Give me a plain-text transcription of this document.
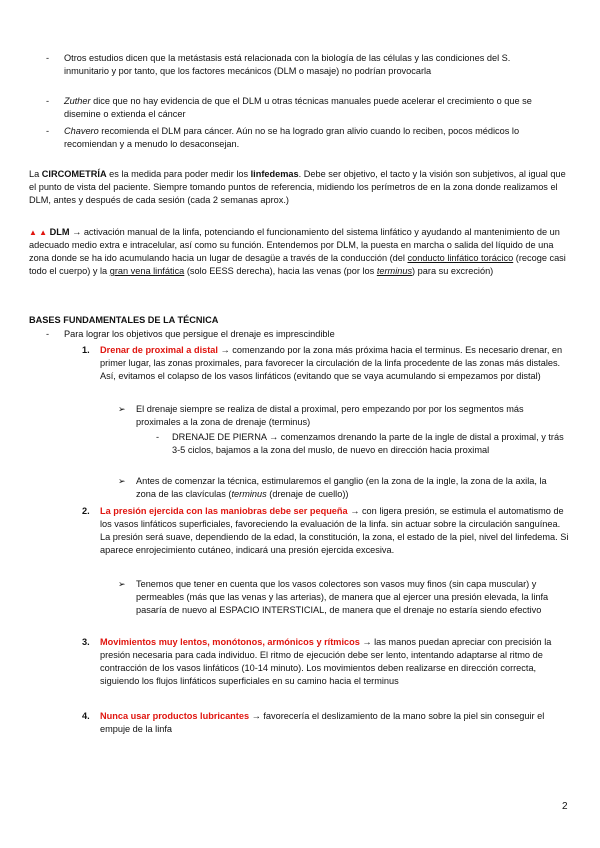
- Otros estudios dicen que la metástasis está relacionada con la biología de las células y las condiciones del S. inmunitario y por tanto, que los factores mecánicos (DLM o masaje) no podrían provocarla
- Zuther dice que no hay evidencia de que el DLM u otras técnicas manuales puede acelerar el crecimiento o que se disemine o extienda el cáncer
- Chavero recomienda el DLM para cáncer. Aún no se ha logrado gran alivio cuando lo reciben, pocos médicos lo recomiendan y a menudo lo desaconsejan.
La CIRCOMETRÍA es la medida para poder medir los linfedemas. Debe ser objetivo, el tacto y la visión son subjetivos, al igual que el punto de vista del paciente. Siempre tomando puntos de referencia, midiendo los perímetros de en la zona donde realizamos el DLM, antes y después de cada sesión (cada 2 semanas aprox.)
▲ ▲ DLM → activación manual de la linfa, potenciando el funcionamiento del sistema linfático y ayudando al mantenimiento de un adecuado medio extra e intracelular, así como su función. Entendemos por DLM, la puesta en marcha o salida del líquido de una zona donde se ha ido acumulando hacia un lugar de desagüe a través de la conducción (del conducto linfático torácico (recoge casi todo el cuerpo) y la gran vena linfática (solo EESS derecha), hacia las venas (por los terminus) para su excreción)
BASES FUNDAMENTALES DE LA TÉCNICA
- Para lograr los objetivos que persigue el drenaje es imprescindible
1. Drenar de proximal a distal → comenzando por la zona más próxima hacia el terminus. Es necesario drenar, en primer lugar, las zonas proximales, para favorecer la circulación de la linfa procedente de las zonas más distales. Así, evitamos el colapso de los vasos linfáticos (evitando que se vaya acumulando si empezamos por distal)
➢ El drenaje siempre se realiza de distal a proximal, pero empezando por por los segmentos más proximales a la zona de drenaje (terminus)
- DRENAJE DE PIERNA → comenzamos drenando la parte de la ingle de distal a proximal, y trás 3-5 ciclos, bajamos a la zona del muslo, de nuevo en dirección hacia proximal
➢ Antes de comenzar la técnica, estimularemos el ganglio (en la zona de la ingle, la zona de la axila, la zona de las clavículas (terminus (drenaje de cuello))
2. La presión ejercida con las maniobras debe ser pequeña → con ligera presión, se estimula el automatismo de los vasos linfáticos superficiales, favoreciendo la evaluación de la linfa. sin actuar sobre la circulación sanguínea. La presión será suave, dependiendo de la edad, la constitución, la zona, el estado de la piel, nivel del linfedema. Si aparece enrojecimiento cutáneo, indicará una presión ejercida excesiva.
➢ Tenemos que tener en cuenta que los vasos colectores son vasos muy finos (sin capa muscular) y permeables (más que las venas y las arterias), de manera que al ejercer una presión elevada, la linfa pasaría de nuevo al ESPACIO INTERSTICIAL, de manera que el drenaje no estaría siendo efectivo
3. Movimientos muy lentos, monótonos, armónicos y rítmicos → las manos puedan apreciar con precisión la presión necesaria para cada individuo. El ritmo de ejecución debe ser lento, intentando adaptarse al ritmo de contracción de los vasos linfáticos (10-14 minuto). Los movimientos deben realizarse en dirección correcta, siguiendo los flujos linfáticos superficiales en su camino hacia el terminus
4. Nunca usar productos lubricantes → favorecería el deslizamiento de la mano sobre la piel sin conseguir el empuje de la linfa
2
